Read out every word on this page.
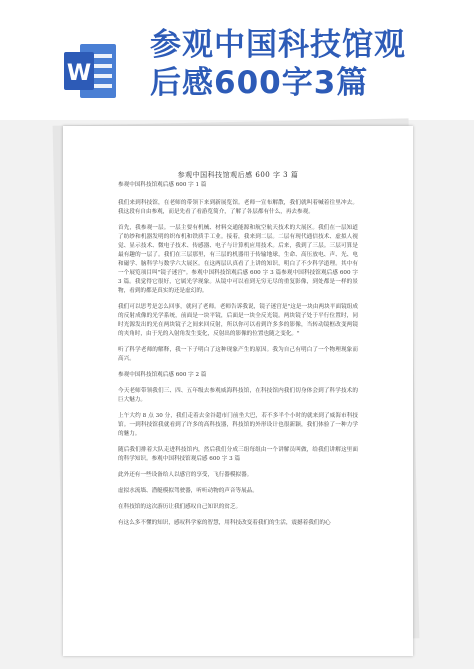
W
参观中国科技馆观
后感600字3篇
参观中国科技馆观后感 600 字 3 篇

参观中国科技馆观后感 600 字 1 篇

我们来到科技馆，在老师的带领下来到新展览馆。老师一宣布解散，我们就叫着喊着往里冲去。我这段有自由参观，而是先看了看游览简介，了解了各层都有什么，再去参观。

首先，我参观一层。一层主要有机械、材料交通能源和航空航天技术的大展区。我们在一层知道了纺纱和机器发明的织布机和铁质手工业。接着，我来到二层。二层有现代通信技术、虚拟人视觉、显示技术、微电子技术、传感器、电子与计算机应用技术。后来，我到了三层。三层可算是最有趣的一层了。我们在三层那里，有三层的机器用于传输地球，生命、高压放电、声、光、电和磁学、脑科学与数学六大展区。在这两层认真看了上讲的知识，明白了不少科学道理。其中有一个展览项目叫"镜子迷宫"。参观中国科技馆观后感 600 字 3 篇参观中国科技馆观后感 600 字 3 篇。我觉得它很好，它属光学现象。从镜中可以看到无穷无尽的重复影像，到处都是一样的景物，看到的都是真实的还是虚幻的。

我们可以思考是怎么回事，就问了老师。老师告诉我说，镜子迷宫是"这是一块由两块平面镜组成的反射成像的光学系统，前面是一块平镜，后面是一块全反光镜。两块镜子处于平行位置时，同时光源发出的光在两块镜子之间来回反射，所以你可以看到许多多的影像，当转动镜框改变两镜的夹角时，由于光的入射角发生变化，反射出的影像的位置也随之变化。"

听了科学老师的解释，我一下子明白了这种现象产生的原因。我为自己有明白了一个物理现象而高兴。

参观中国科技馆观后感 600 字 2 篇

今天老师带领我们三、四、五年级去参观威海科技馆，在科技馆内我们切身体会到了科学技术的巨大魅力。

上午大约 8 点 30 分，我们走着去金谷超市门前坐大巴，若不多半个小时的就来到了威海市科技馆。一到科技馆我就看到了许多的高科技器，科技馆的外形设计也很新颖，我们体验了一种力学的魅力。

随后我们排着大队走进科技馆内，然后我们分成三组每组由一个讲解员叫做，给我们讲解这里面的科学知识。参观中国科技馆观后感 600 字 3 篇

此外还有一些设备给人以感官的享受，飞行器模拟器。

虚拟水流墙、潜艇模拟驾驶器，听听动物的声音等展品。

在科技馆的这次游历让我们感叹自己知识的贫乏。

有这么多不懂的知识，感叹科学家的智慧，用科技改变着我们的生活，震撼着我们的心
